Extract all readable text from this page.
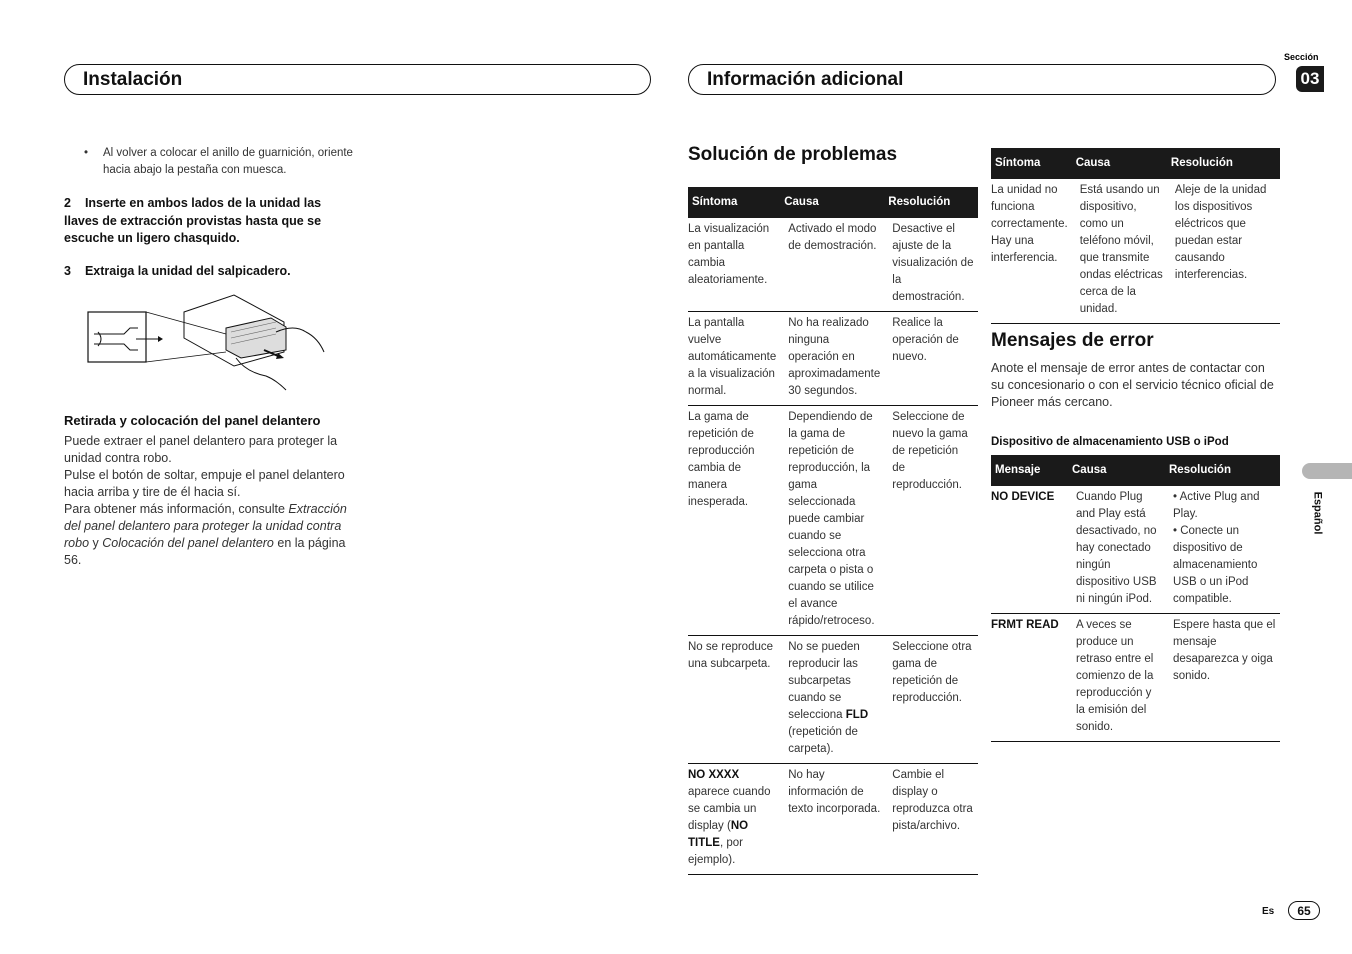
Sección
03
Instalación	Información adicional
• Al volver a colocar el anillo de guarnición, oriente hacia abajo la pestaña con muesca.
2 Inserte en ambos lados de la unidad las llaves de extracción provistas hasta que se escuche un ligero chasquido.
3 Extraiga la unidad del salpicadero.
Retirada y colocación del panel delantero
Puede extraer el panel delantero para proteger la unidad contra robo.
Pulse el botón de soltar, empuje el panel delantero hacia arriba y tire de él hacia sí.
Para obtener más información, consulte Extracción del panel delantero para proteger la unidad contra robo y Colocación del panel delantero en la página 56.
Solución de problemas
Síntoma	Causa	Resolución
La visualización en pantalla cambia aleatoriamente.	Activado el modo de demostración.	Desactive el ajuste de la visualización de la demostración.
La pantalla vuelve automáticamente a la visualización normal.	No ha realizado ninguna operación en aproximadamente 30 segundos.	Realice la operación de nuevo.
La gama de repetición de reproducción cambia de manera inesperada.	Dependiendo de la gama de repetición de reproducción, la gama seleccionada puede cambiar cuando se selecciona otra carpeta o pista o cuando se utilice el avance rápido/retroceso.	Seleccione de nuevo la gama de repetición de reproducción.
No se reproduce una subcarpeta.	No se pueden reproducir las subcarpetas cuando se selecciona FLD (repetición de carpeta).	Seleccione otra gama de repetición de reproducción.
NO XXXX aparece cuando se cambia un display (NO TITLE, por ejemplo).	No hay información de texto incorporada.	Cambie el display o reproduzca otra pista/archivo.
Síntoma	Causa	Resolución
La unidad no funciona correctamente. Hay una interferencia.	Está usando un dispositivo, como un teléfono móvil, que transmite ondas eléctricas cerca de la unidad.	Aleje de la unidad los dispositivos eléctricos que puedan estar causando interferencias.
Mensajes de error
Anote el mensaje de error antes de contactar con su concesionario o con el servicio técnico oficial de Pioneer más cercano.
Dispositivo de almacenamiento USB o iPod
Mensaje	Causa	Resolución
NO DEVICE	Cuando Plug and Play está desactivado, no hay conectado ningún dispositivo USB ni ningún iPod.	• Active Plug and Play.
• Conecte un dispositivo de almacenamiento USB o un iPod compatible.

FRMT READ	A veces se produce un retraso entre el comienzo de la reproducción y la emisión del sonido.	Espere hasta que el mensaje desaparezca y oiga sonido.
Español
Es	65
